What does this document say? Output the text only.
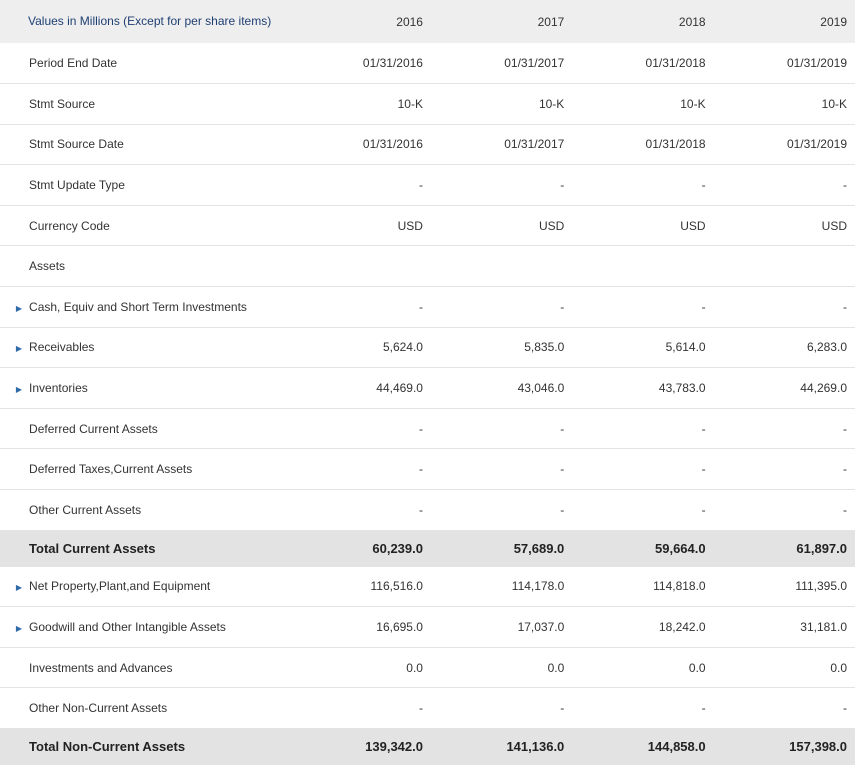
Values in Millions (Except for per share items)		2016	2017	2018	2019
	Period End Date	01/31/2016	01/31/2017	01/31/2018	01/31/2019
	Stmt Source	10-K	10-K	10-K	10-K
	Stmt Source Date	01/31/2016	01/31/2017	01/31/2018	01/31/2019
	Stmt Update Type	-	-	-	-
	Currency Code	USD	USD	USD	USD
	Assets				
▶	Cash, Equiv and Short Term Investments	-	-	-	-
▶	Receivables	5,624.0	5,835.0	5,614.0	6,283.0
▶	Inventories	44,469.0	43,046.0	43,783.0	44,269.0
	Deferred Current Assets	-	-	-	-
	Deferred Taxes,Current Assets	-	-	-	-
	Other Current Assets	-	-	-	-
	Total Current Assets	60,239.0	57,689.0	59,664.0	61,897.0
▶	Net Property,Plant,and Equipment	116,516.0	114,178.0	114,818.0	111,395.0
▶	Goodwill and Other Intangible Assets	16,695.0	17,037.0	18,242.0	31,181.0
	Investments and Advances	0.0	0.0	0.0	0.0
	Other Non-Current Assets	-	-	-	-
	Total Non-Current Assets	139,342.0	141,136.0	144,858.0	157,398.0
